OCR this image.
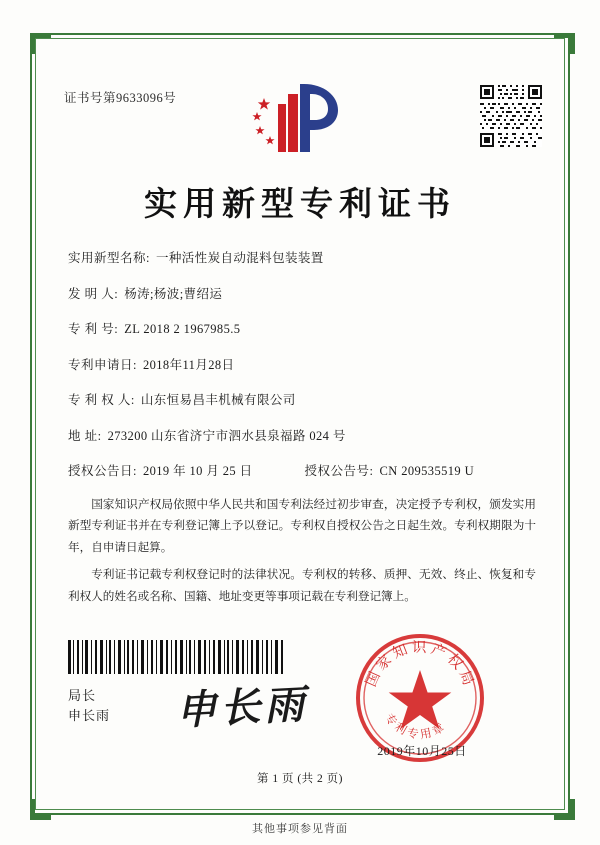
证书号第9633096号
实用新型专利证书
实用新型名称: 一种活性炭自动混料包装装置
发 明 人: 杨涛;杨波;曹绍运
专 利 号: ZL 2018 2 1967985.5
专利申请日: 2018年11月28日
专 利 权 人: 山东恒易昌丰机械有限公司
地 址: 273200 山东省济宁市泗水县泉福路 024 号
授权公告日: 2019 年 10 月 25 日	授权公告号: CN 209535519 U

国家知识产权局依照中华人民共和国专利法经过初步审查，决定授予专利权，颁发实用新型专利证书并在专利登记簿上予以登记。专利权自授权公告之日起生效。专利权期限为十年，自申请日起算。

专利证书记载专利权登记时的法律状况。专利权的转移、质押、无效、终止、恢复和专利权人的姓名或名称、国籍、地址变更等事项记载在专利登记簿上。

局长
申长雨 申长雨
国家知识产权局
专利专用章
2019年10月25日
第 1 页 (共 2 页)
其他事项参见背面
